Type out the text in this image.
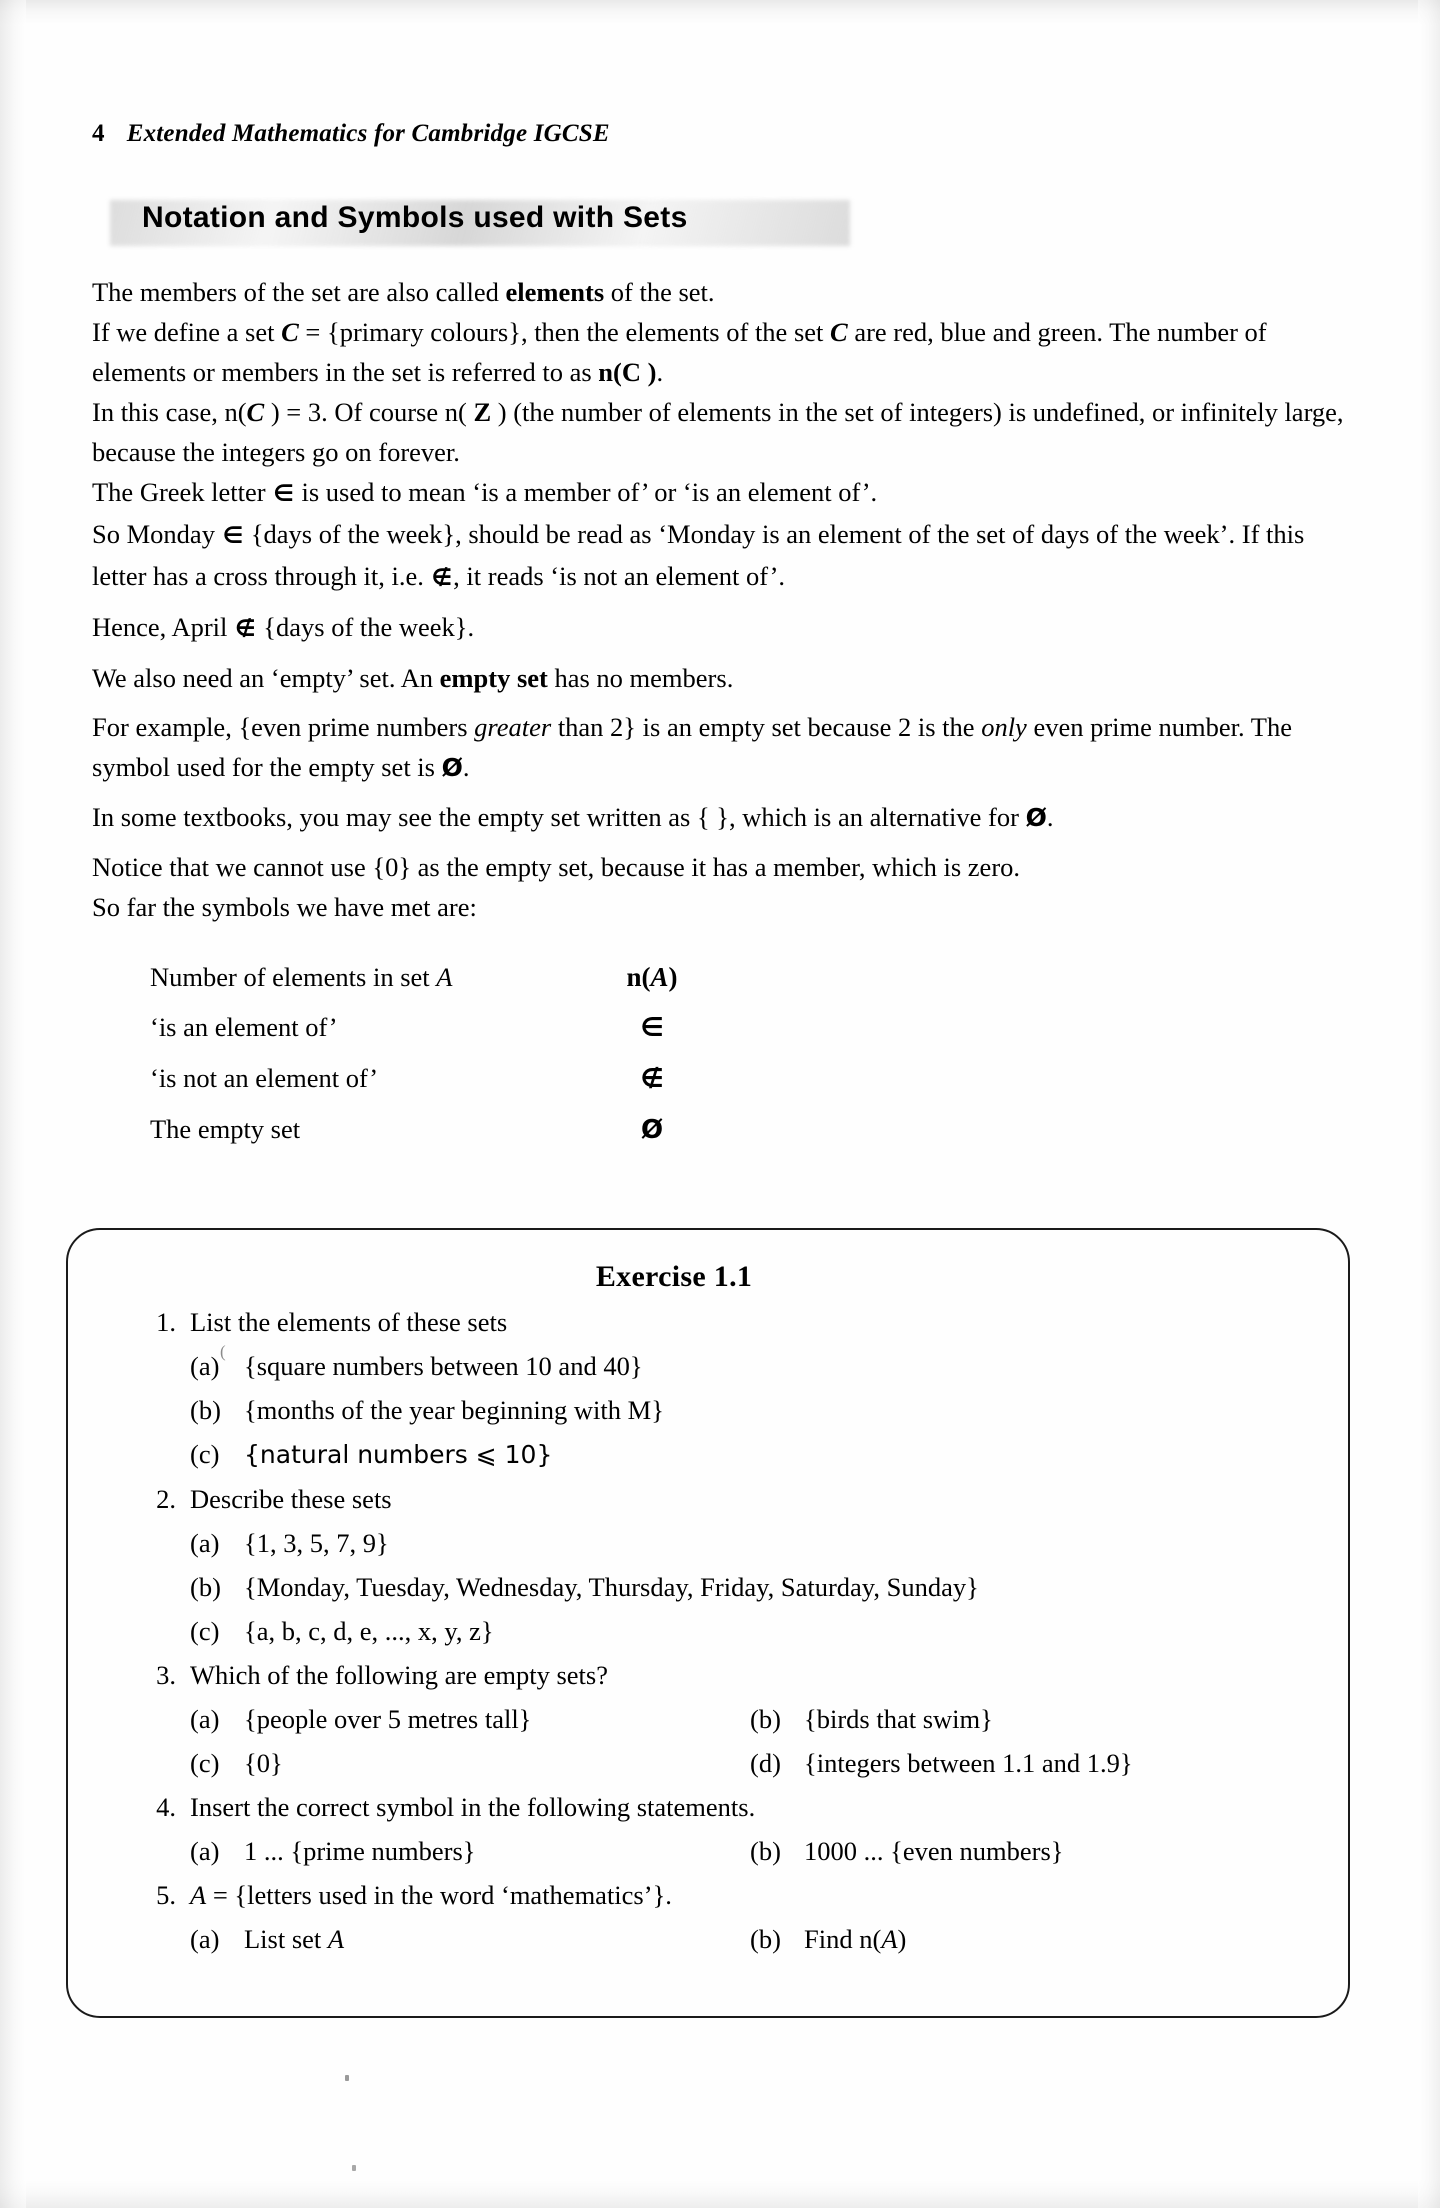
4 Extended Mathematics for Cambridge IGCSE
Notation and Symbols used with Sets

The members of the set are also called elements of the set.

If we define a set C = {primary colours}, then the elements of the set C are red, blue and green. The number of elements or members in the set is referred to as n(C ).

In this case, n(C ) = 3. Of course n( Z ) (the number of elements in the set of integers) is undefined, or infinitely large, because the integers go on forever.

The Greek letter ∈ is used to mean ‘is a member of’ or ‘is an element of’.

So Monday ∈ {days of the week}, should be read as ‘Monday is an element of the set of days of the week’. If this letter has a cross through it, i.e. ∉, it reads ‘is not an element of’.

Hence, April ∉ {days of the week}.

We also need an ‘empty’ set. An empty set has no members.

For example, {even prime numbers greater than 2} is an empty set because 2 is the only even prime number. The symbol used for the empty set is Ø.

In some textbooks, you may see the empty set written as { }, which is an alternative for Ø.

Notice that we cannot use {0} as the empty set, because it has a member, which is zero.

So far the symbols we have met are:

Number of elements in set A	n(A)
‘is an element of’	∈
‘is not an element of’	∉
The empty set	Ø
Exercise 1.1
1. List the elements of these sets
(a) {square numbers between 10 and 40}
(b) {months of the year beginning with M}
(c) {natural numbers ⩽ 10}
2. Describe these sets
(a) {1, 3, 5, 7, 9}
(b) {Monday, Tuesday, Wednesday, Thursday, Friday, Saturday, Sunday}
(c) {a, b, c, d, e, ..., x, y, z}
3. Which of the following are empty sets?
(a) {people over 5 metres tall}	(b) {birds that swim}
(c) {0}	(d) {integers between 1.1 and 1.9}
4. Insert the correct symbol in the following statements.
(a) 1 ... {prime numbers}	(b) 1000 ... {even numbers}
5. A = {letters used in the word ‘mathematics’}.
(a) List set A	(b) Find n(A)
(
